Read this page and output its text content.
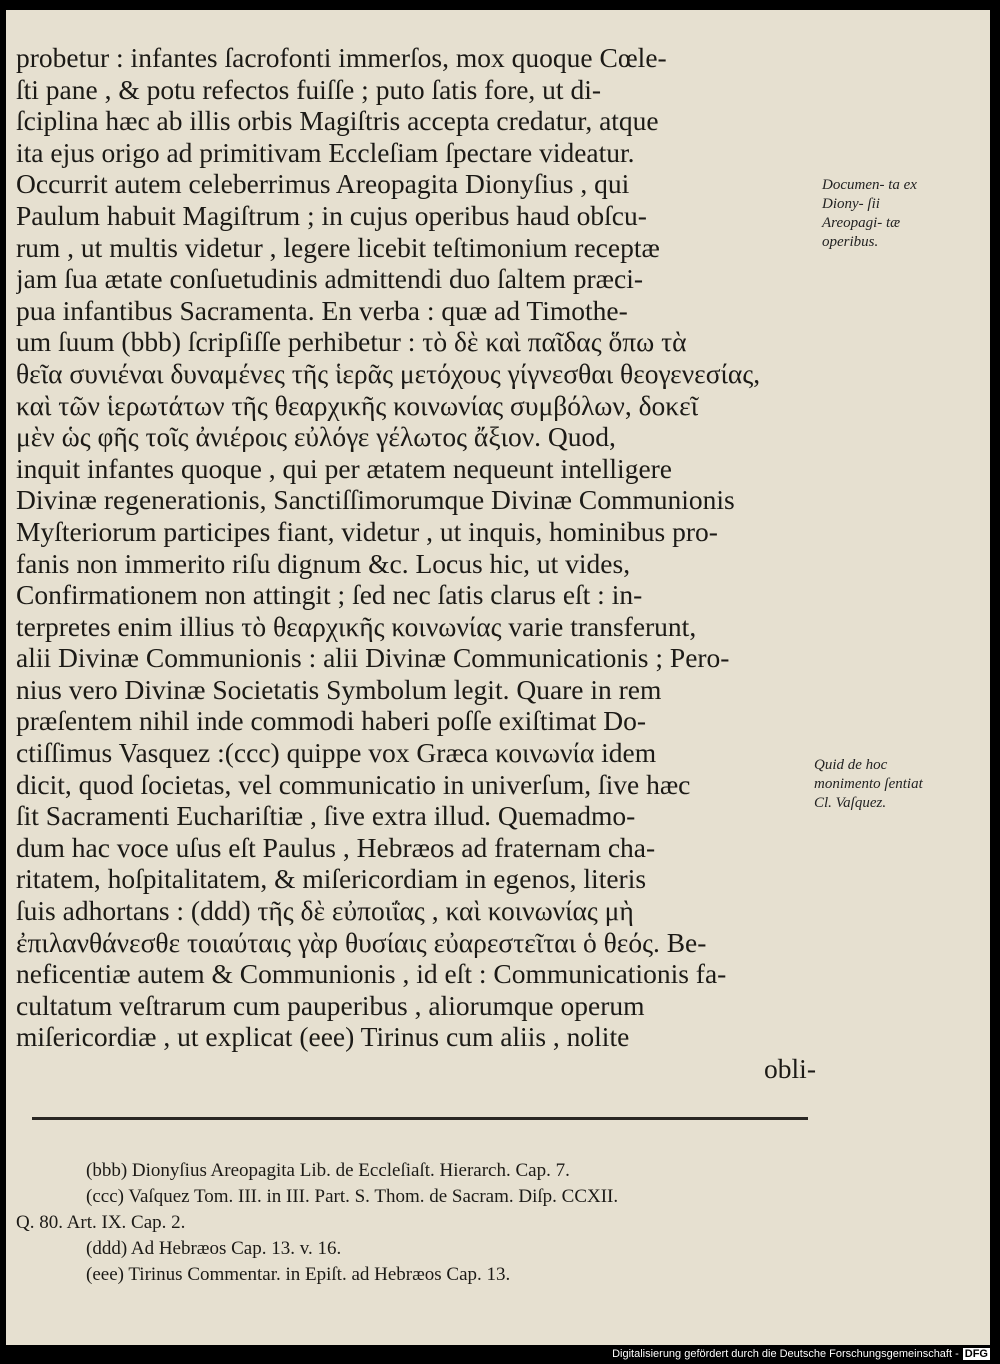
probetur : infantes ſacrofonti immerſos, mox quoque Cœle-
ſti pane , & potu refectos fuiſſe ; puto ſatis fore, ut di-
ſciplina hæc ab illis orbis Magiſtris accepta credatur, atque
ita ejus origo ad primitivam Eccleſiam ſpectare videatur.
Occurrit autem celeberrimus Areopagita Dionyſius , qui
Paulum habuit Magiſtrum ; in cujus operibus haud obſcu-
rum , ut multis videtur , legere licebit teſtimonium receptæ
jam ſua ætate conſuetudinis admittendi duo ſaltem præci-
pua infantibus Sacramenta. En verba : quæ ad Timothe-
um ſuum (bbb) ſcripſiſſe perhibetur : τὸ δὲ καὶ παῖδας ὅπω τὰ
θεῖα συνιέναι δυναμένες τῆς ἱερᾶς μετόχους γίγνεσθαι θεογενεσίας,
καὶ τῶν ἱερωτάτων τῆς θεαρχικῆς κοινωνίας συμβόλων, δοκεῖ
μὲν ὡς φῆς τοῖς ἀνιέροις εὐλόγε γέλωτος ἄξιον. Quod,
inquit infantes quoque , qui per ætatem nequeunt intelligere
Divinæ regenerationis, Sanctiſſimorumque Divinæ Communionis
Myſteriorum participes fiant, videtur , ut inquis, hominibus pro-
fanis non immerito riſu dignum &c. Locus hic, ut vides,
Confirmationem non attingit ; ſed nec ſatis clarus eſt : in-
terpretes enim illius τὸ θεαρχικῆς κοινωνίας varie transferunt,
alii Divinæ Communionis : alii Divinæ Communicationis ; Pero-
nius vero Divinæ Societatis Symbolum legit. Quare in rem
præſentem nihil inde commodi haberi poſſe exiſtimat Do-
ctiſſimus Vasquez :(ccc) quippe vox Græca κοινωνία idem
dicit, quod ſocietas, vel communicatio in univerſum, ſive hæc
ſit Sacramenti Euchariſtiæ , ſive extra illud. Quemadmo-
dum hac voce uſus eſt Paulus , Hebræos ad fraternam cha-
ritatem, hoſpitalitatem, & miſericordiam in egenos, literis
ſuis adhortans : (ddd) τῆς δὲ εὐποιΐας , καὶ κοινωνίας μὴ
ἐπιλανθάνεσθε τοιαύταις γὰρ θυσίαις εὐαρεστεῖται ὁ θεός. Be-
neficentiæ autem & Communionis , id eſt : Communicationis fa-
cultatum veſtrarum cum pauperibus , aliorumque operum
miſericordiæ , ut explicat (eee) Tirinus cum aliis , nolite
obli-
Documen- ta ex Diony- ſii Areopagi- tæ operibus.
Quid de hoc monimento ſentiat Cl. Vaſquez.
(bbb) Dionyſius Areopagita Lib. de Eccleſiaſt. Hierarch. Cap. 7.
(ccc) Vaſquez Tom. III. in III. Part. S. Thom. de Sacram. Diſp. CCXII.
Q. 80. Art. IX. Cap. 2.
(ddd) Ad Hebræos Cap. 13. v. 16.
(eee) Tirinus Commentar. in Epiſt. ad Hebræos Cap. 13.
Digitalisierung gefördert durch die Deutsche Forschungsgemeinschaft - DFG
